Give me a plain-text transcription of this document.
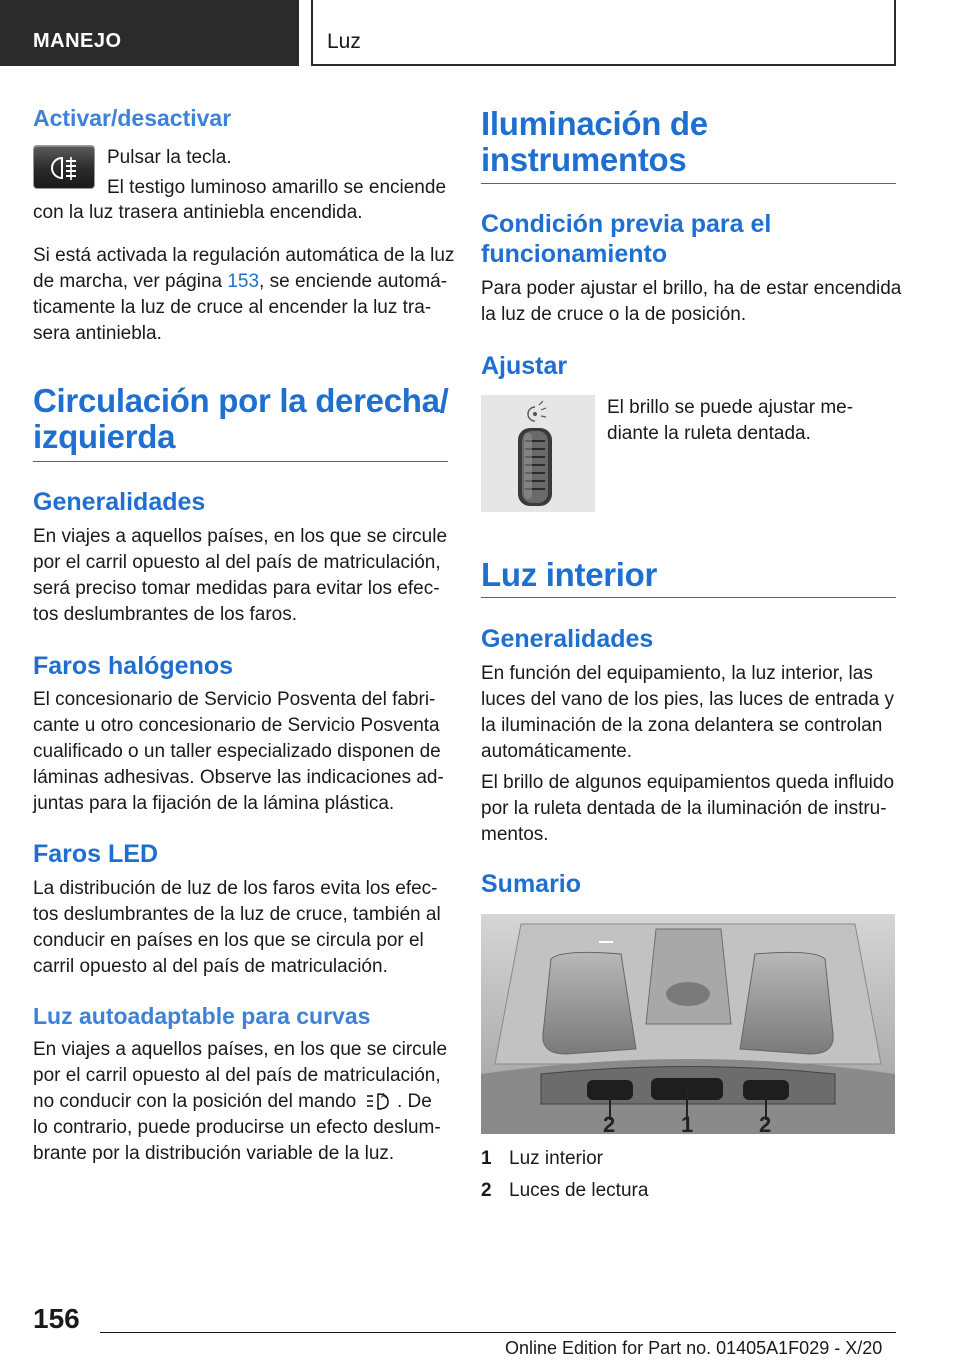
MANEJO	Luz
Activar/desactivar
Pulsar la tecla.
El testigo luminoso amarillo se enciende
con la luz trasera antiniebla encendida.
Si está activada la regulación automática de la luz
de marcha, ver página 153, se enciende automá-
ticamente la luz de cruce al encender la luz tra-
sera antiniebla.
Circulación por la derecha/
izquierda
Generalidades
En viajes a aquellos países, en los que se circule
por el carril opuesto al del país de matriculación,
será preciso tomar medidas para evitar los efec-
tos deslumbrantes de los faros.
Faros halógenos
El concesionario de Servicio Posventa del fabri-
cante u otro concesionario de Servicio Posventa
cualificado o un taller especializado disponen de
láminas adhesivas. Observe las indicaciones ad-
juntas para la fijación de la lámina plástica.
Faros LED
La distribución de luz de los faros evita los efec-
tos deslumbrantes de la luz de cruce, también al
conducir en países en los que se circula por el
carril opuesto al del país de matriculación.
Luz autoadaptable para curvas
En viajes a aquellos países, en los que se circule
por el carril opuesto al del país de matriculación,
no conducir con la posición del mando	A . De
lo contrario, puede producirse un efecto deslum-
brante por la distribución variable de la luz.
Iluminación de
instrumentos
Condición previa para el
funcionamiento
Para poder ajustar el brillo, ha de estar encendida
la luz de cruce o la de posición.
Ajustar
El brillo se puede ajustar me-
diante la ruleta dentada.
Luz interior
Generalidades
En función del equipamiento, la luz interior, las
luces del vano de los pies, las luces de entrada y
la iluminación de la zona delantera se controlan
automáticamente.
El brillo de algunos equipamientos queda influido
por la ruleta dentada de la iluminación de instru-
mentos.
Sumario
2	1	2
1 Luz interior
2 Luces de lectura
156
Online Edition for Part no. 01405A1F029 - X/20
